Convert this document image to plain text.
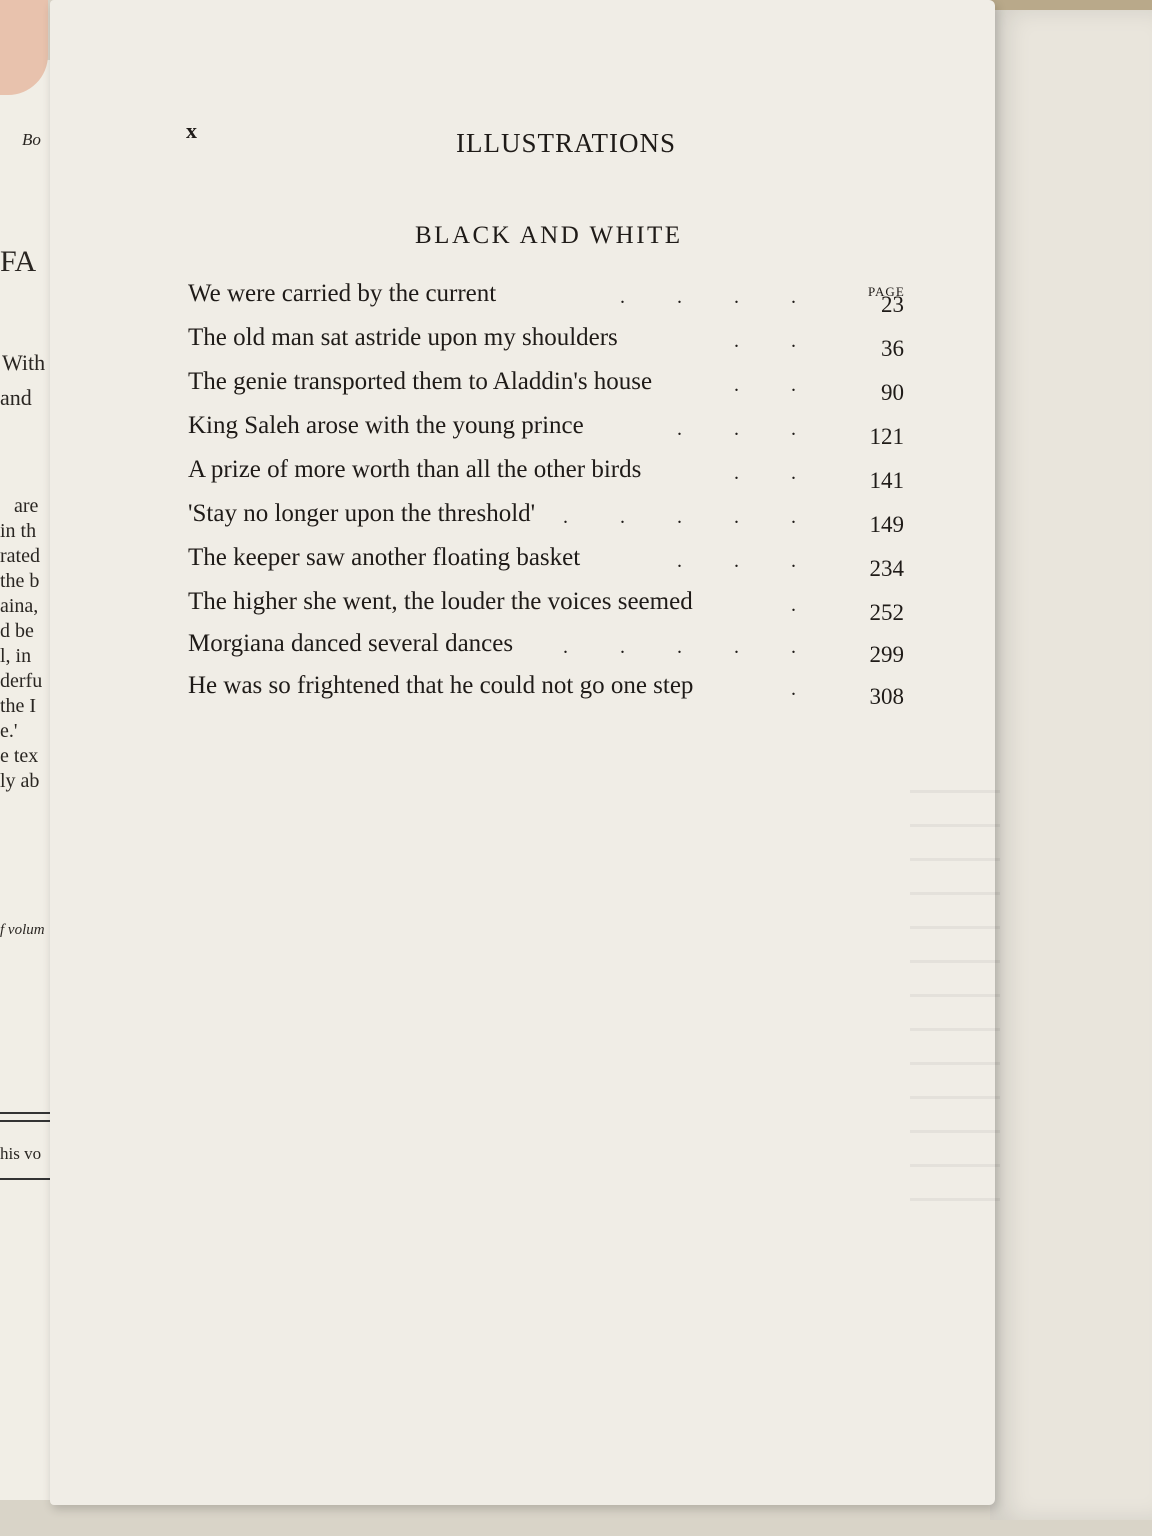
Bo
FA
With
and
are
in th
rated
the b
aina,
d be
l, in
derfu
the I
e.'
e tex
ly ab
f volum
his vo
x	ILLUSTRATIONS
BLACK AND WHITE
PAGE
We were carried by the current	....	23
The old man sat astride upon my shoulders	..	36
The genie transported them to Aladdin's house	..	90
King Saleh arose with the young prince	... 121
A prize of more worth than all the other birds	.. 141
'Stay no longer upon the threshold' ..... 149
The keeper saw another floating basket	... 234
The higher she went, the louder the voices seemed	. 252
Morgiana danced several dances ..... 299
He was so frightened that he could not go one step	. 308
